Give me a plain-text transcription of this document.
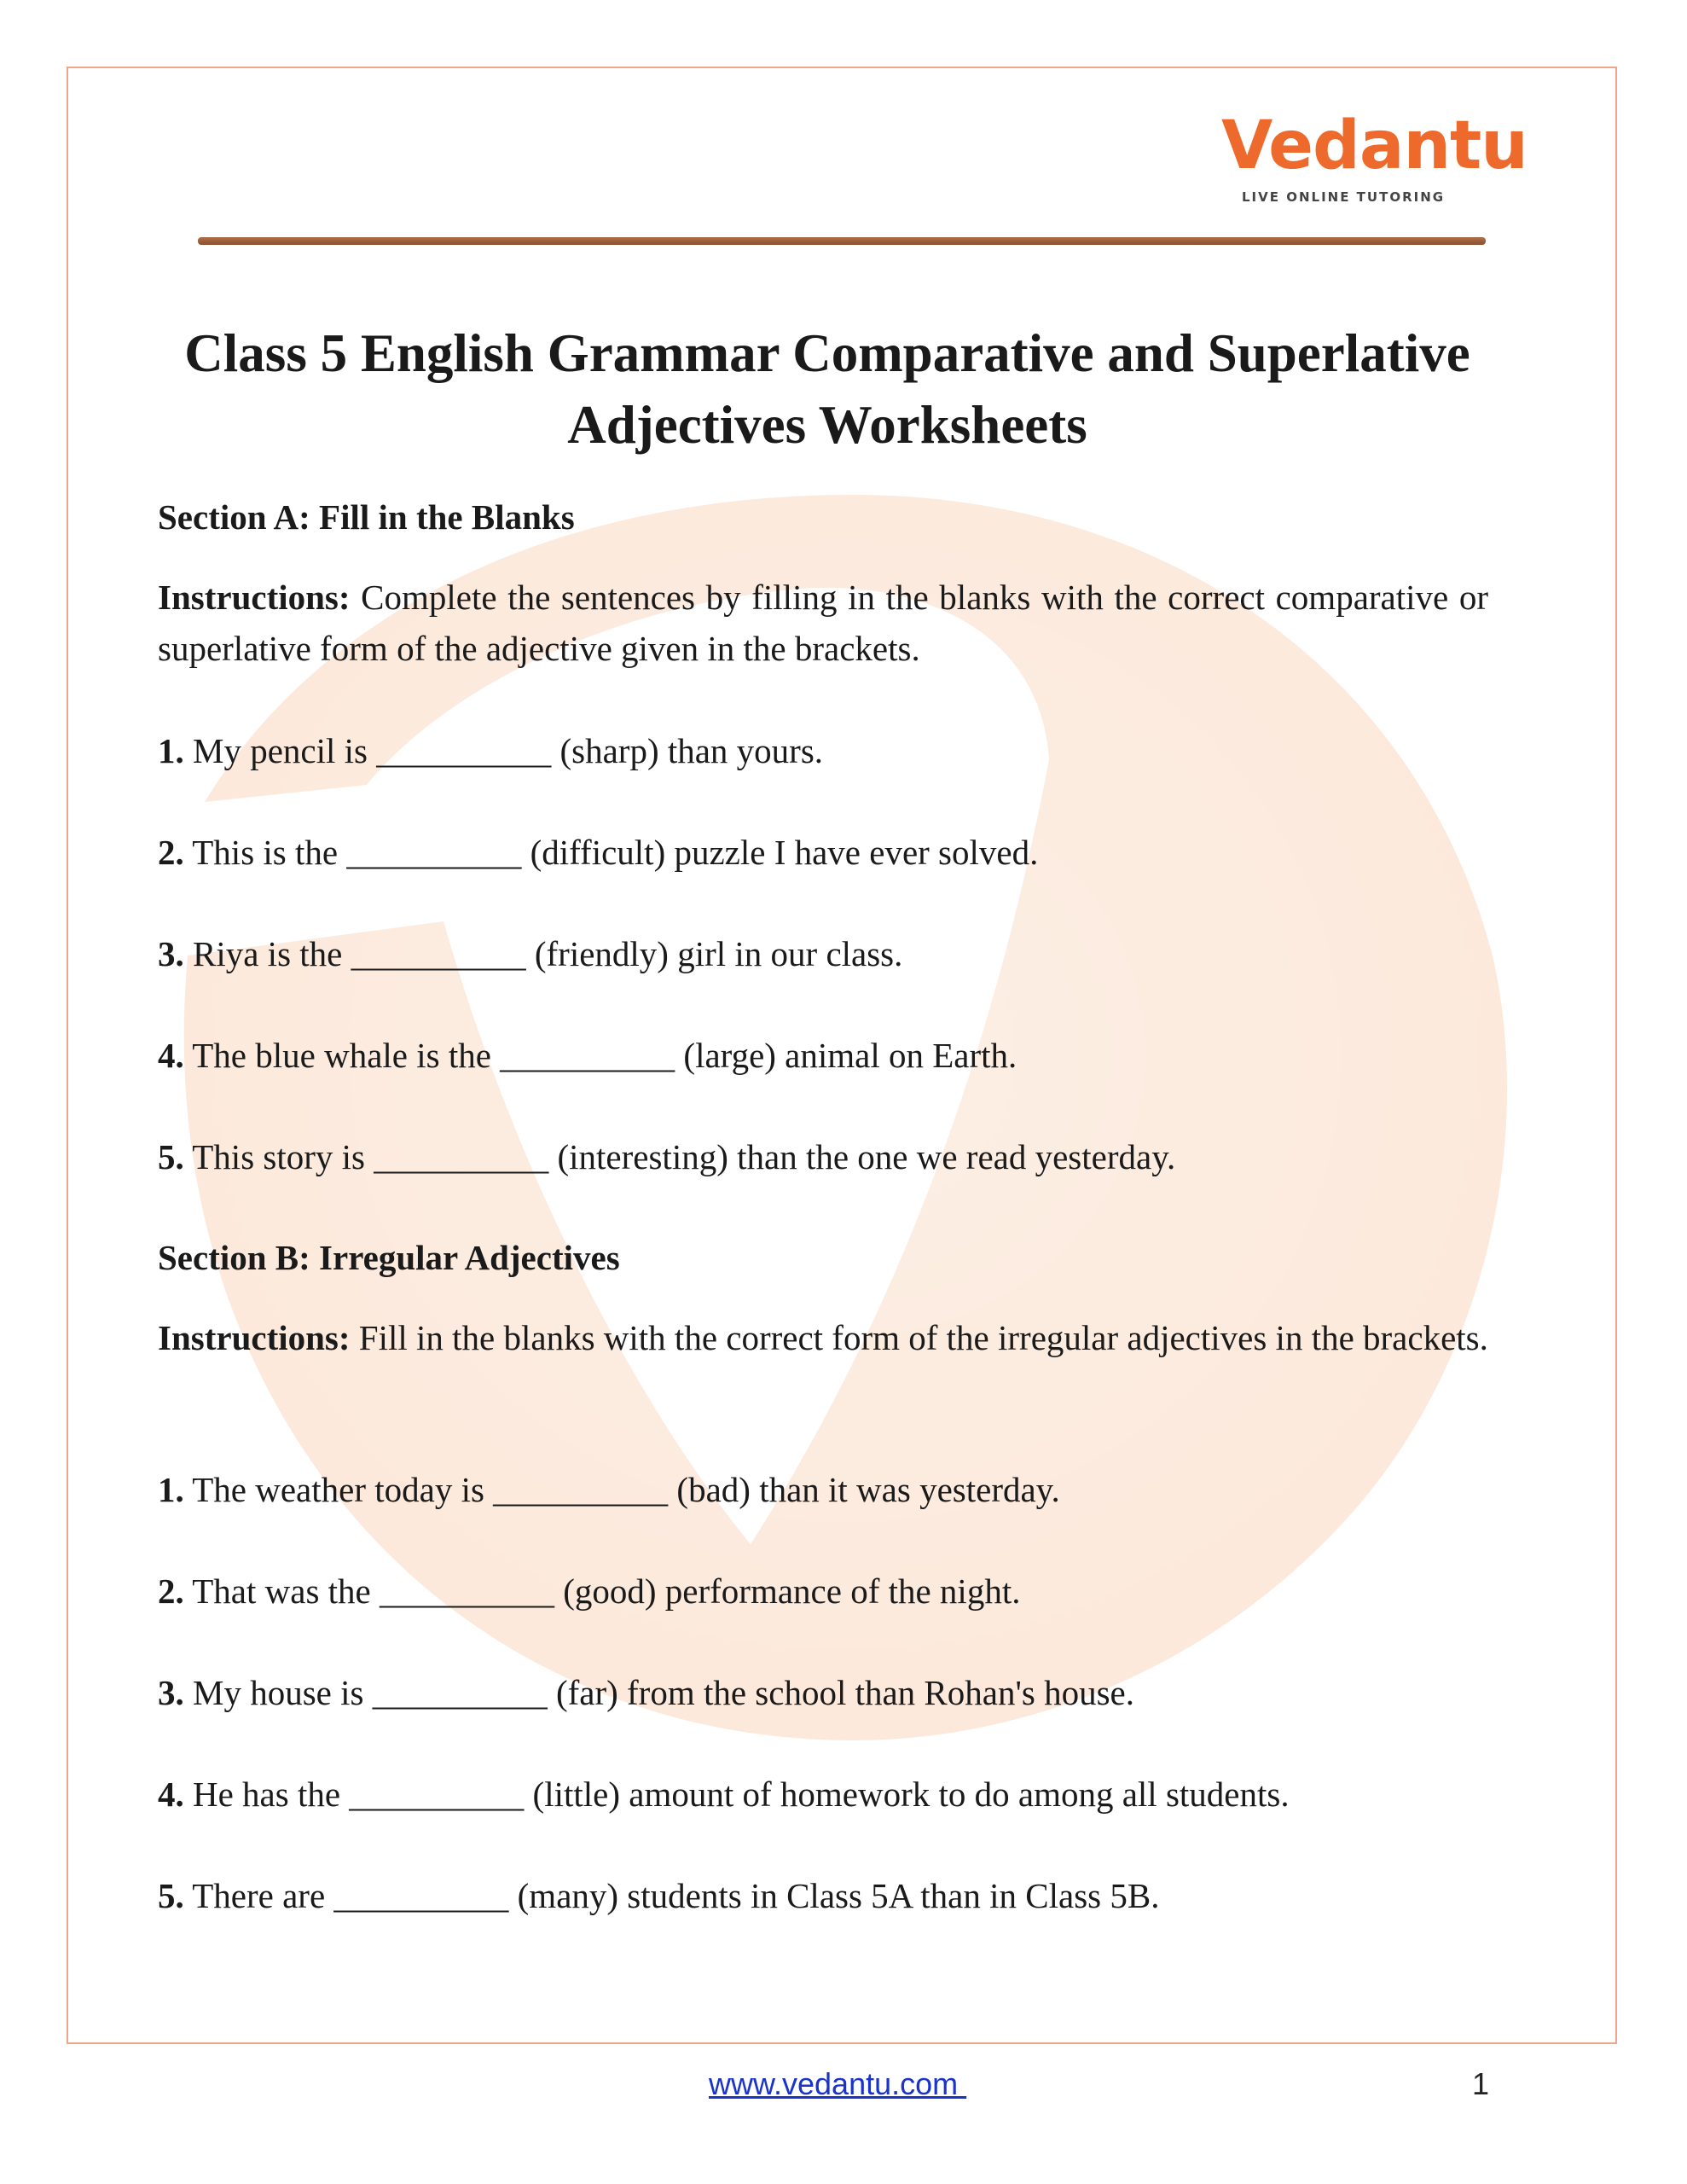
Vedantu
LIVE ONLINE TUTORING
Class 5 English Grammar Comparative and Superlative Adjectives Worksheets
Section A: Fill in the Blanks
Instructions: Complete the sentences by filling in the blanks with the correct comparative or superlative form of the adjective given in the brackets.
1. My pencil is __________ (sharp) than yours.
2. This is the __________ (difficult) puzzle I have ever solved.
3. Riya is the __________ (friendly) girl in our class.
4. The blue whale is the __________ (large) animal on Earth.
5. This story is __________ (interesting) than the one we read yesterday.
Section B: Irregular Adjectives
Instructions: Fill in the blanks with the correct form of the irregular adjectives in the brackets.
1. The weather today is __________ (bad) than it was yesterday.
2. That was the __________ (good) performance of the night.
3. My house is __________ (far) from the school than Rohan's house.
4. He has the __________ (little) amount of homework to do among all students.
5. There are __________ (many) students in Class 5A than in Class 5B.
www.vedantu.com	1
